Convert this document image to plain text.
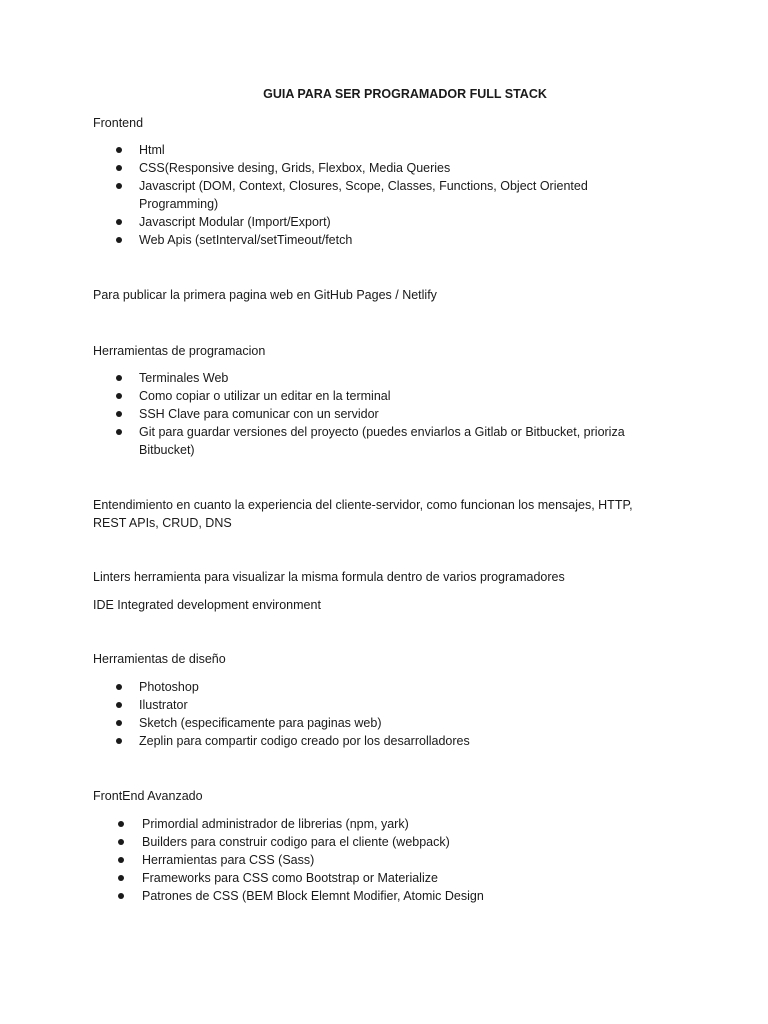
GUIA PARA SER PROGRAMADOR FULL STACK
Frontend
Html
CSS(Responsive desing, Grids, Flexbox, Media Queries
Javascript (DOM, Context, Closures, Scope, Classes, Functions, Object Oriented
Programming)
Javascript Modular (Import/Export)
Web Apis (setInterval/setTimeout/fetch
Para publicar la primera pagina web en GitHub Pages / Netlify
Herramientas de programacion
Terminales Web
Como copiar o utilizar un editar en la terminal
SSH Clave para comunicar con un servidor
Git para guardar versiones del proyecto (puedes enviarlos a Gitlab or Bitbucket, prioriza
Bitbucket)
Entendimiento en cuanto la experiencia del cliente-servidor, como funcionan los mensajes, HTTP,
REST APIs, CRUD, DNS
Linters herramienta para visualizar la misma formula dentro de varios programadores
IDE Integrated development environment
Herramientas de diseño
Photoshop
Ilustrator
Sketch (especificamente para paginas web)
Zeplin para compartir codigo creado por los desarrolladores
FrontEnd Avanzado
Primordial administrador de librerias (npm, yark)
Builders para construir codigo para el cliente (webpack)
Herramientas para CSS (Sass)
Frameworks para CSS como Bootstrap or Materialize
Patrones de CSS (BEM Block Elemnt Modifier, Atomic Design
